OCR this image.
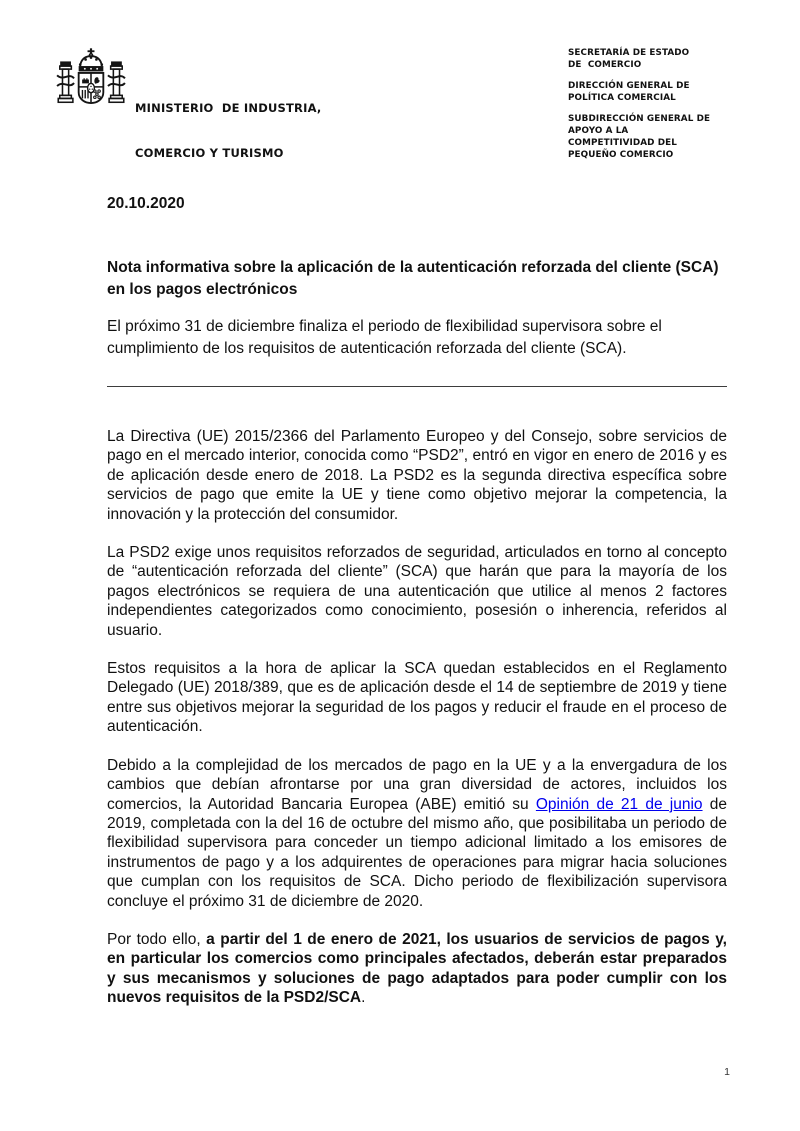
MINISTERIO  DE INDUSTRIA,

COMERCIO Y TURISMO

SECRETARÍA DE ESTADO
DE  COMERCIO
DIRECCIÓN GENERAL DE
POLÍTICA COMERCIAL
SUBDIRECCIÓN GENERAL DE
APOYO A LA
COMPETITIVIDAD DEL
PEQUEÑO COMERCIO
20.10.2020
Nota informativa sobre la aplicación de la autenticación reforzada del cliente (SCA) en los pagos electrónicos

El próximo 31 de diciembre finaliza el periodo de flexibilidad supervisora sobre el cumplimiento de los requisitos de autenticación reforzada del cliente (SCA).

La Directiva (UE) 2015/2366 del Parlamento Europeo y del Consejo, sobre servicios de pago en el mercado interior, conocida como “PSD2”, entró en vigor en enero de 2016 y es de aplicación desde enero de 2018. La PSD2 es la segunda directiva específica sobre servicios de pago que emite la UE y tiene como objetivo mejorar la competencia, la innovación y la protección del consumidor.

La PSD2 exige unos requisitos reforzados de seguridad, articulados en torno al concepto de “autenticación reforzada del cliente” (SCA) que harán que para la mayoría de los pagos electrónicos se requiera de una autenticación que utilice al menos 2 factores independientes categorizados como conocimiento, posesión o inherencia, referidos al usuario.

Estos requisitos a la hora de aplicar la SCA quedan establecidos en el Reglamento Delegado (UE) 2018/389, que es de aplicación desde el 14 de septiembre de 2019 y tiene entre sus objetivos mejorar la seguridad de los pagos y reducir el fraude en el proceso de autenticación.

Debido a la complejidad de los mercados de pago en la UE y a la envergadura de los cambios que debían afrontarse por una gran diversidad de actores, incluidos los comercios, la Autoridad Bancaria Europea (ABE) emitió su Opinión de 21 de junio de 2019, completada con la del 16 de octubre del mismo año, que posibilitaba un periodo de flexibilidad supervisora para conceder un tiempo adicional limitado a los emisores de instrumentos de pago y a los adquirentes de operaciones para migrar hacia soluciones que cumplan con los requisitos de SCA. Dicho periodo de flexibilización supervisora concluye el próximo 31 de diciembre de 2020.

Por todo ello, a partir del 1 de enero de 2021, los usuarios de servicios de pagos y, en particular los comercios como principales afectados, deberán estar preparados y sus mecanismos y soluciones de pago adaptados para poder cumplir con los nuevos requisitos de la PSD2/SCA.

1
